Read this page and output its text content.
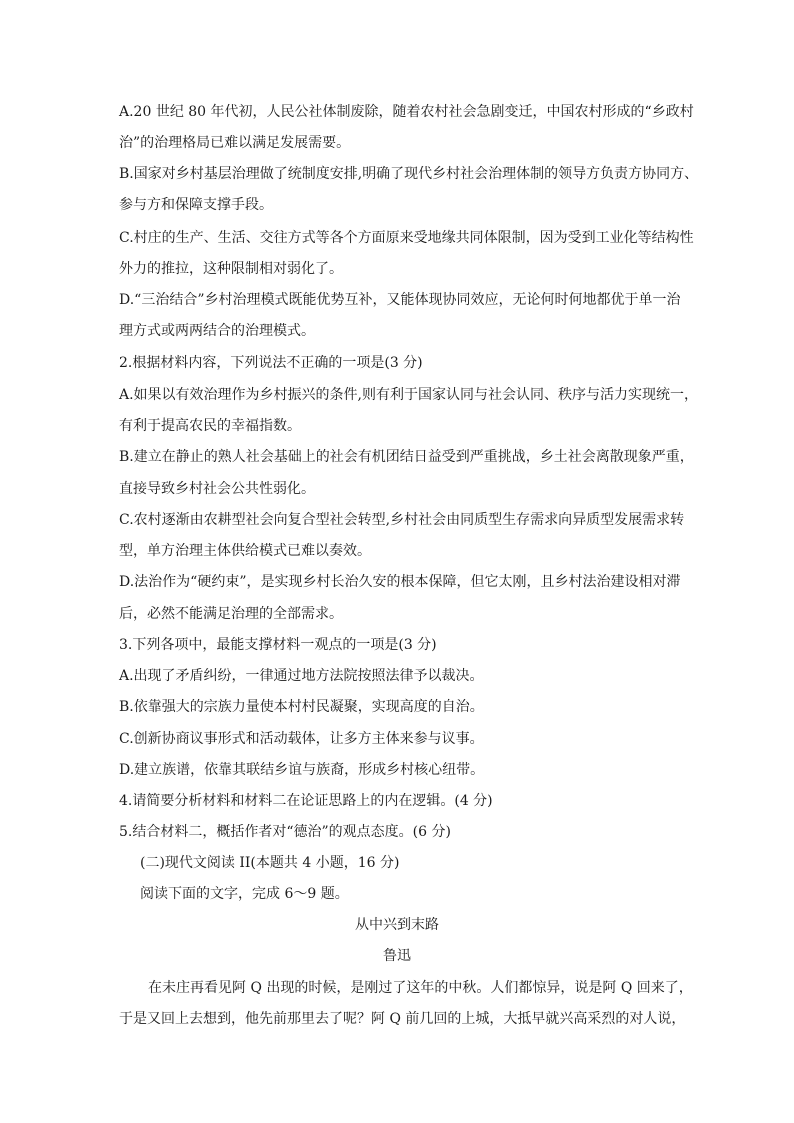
A.20 世纪 80 年代初，人民公社体制废除，随着农村社会急剧变迁，中国农村形成的“乡政村
治”的治理格局已难以满足发展需要。
B.国家对乡村基层治理做了统制度安排,明确了现代乡村社会治理体制的领导方负责方协同方、
参与方和保障支撑手段。
C.村庄的生产、生活、交往方式等各个方面原来受地缘共同体限制，因为受到工业化等结构性
外力的推拉，这种限制相对弱化了。
D.“三治结合”乡村治理模式既能优势互补，又能体现协同效应，无论何时何地都优于单一治
理方式或两两结合的治理模式。
2.根据材料内容，下列说法不正确的一项是(3 分)
A.如果以有效治理作为乡村振兴的条件,则有利于国家认同与社会认同、秩序与活力实现统一，
有利于提高农民的幸福指数。
B.建立在静止的熟人社会基础上的社会有机团结日益受到严重挑战，乡土社会离散现象严重，
直接导致乡村社会公共性弱化。
C.农村逐渐由农耕型社会向复合型社会转型,乡村社会由同质型生存需求向异质型发展需求转
型，单方治理主体供给模式已难以奏效。
D.法治作为“硬约束”，是实现乡村长治久安的根本保障，但它太刚，且乡村法治建设相对滞
后，必然不能满足治理的全部需求。
3.下列各项中，最能支撑材料一观点的一项是(3 分)
A.出现了矛盾纠纷，一律通过地方法院按照法律予以裁决。
B.依靠强大的宗族力量使本村村民凝聚，实现高度的自治。
C.创新协商议事形式和活动载体，让多方主体来参与议事。
D.建立族谱，依靠其联结乡谊与族裔，形成乡村核心纽带。
4.请简要分析材料和材料二在论证思路上的内在逻辑。(4 分)
5.结合材料二，概括作者对“德治”的观点态度。(6 分)
(二)现代文阅读 II(本题共 4 小题，16 分)
阅读下面的文字，完成 6～9 题。
从中兴到末路
鲁迅
在未庄再看见阿 Q 出现的时候，是刚过了这年的中秋。人们都惊异，说是阿 Q 回来了，
于是又回上去想到，他先前那里去了呢？阿 Q 前几回的上城，大抵早就兴高采烈的对人说，
